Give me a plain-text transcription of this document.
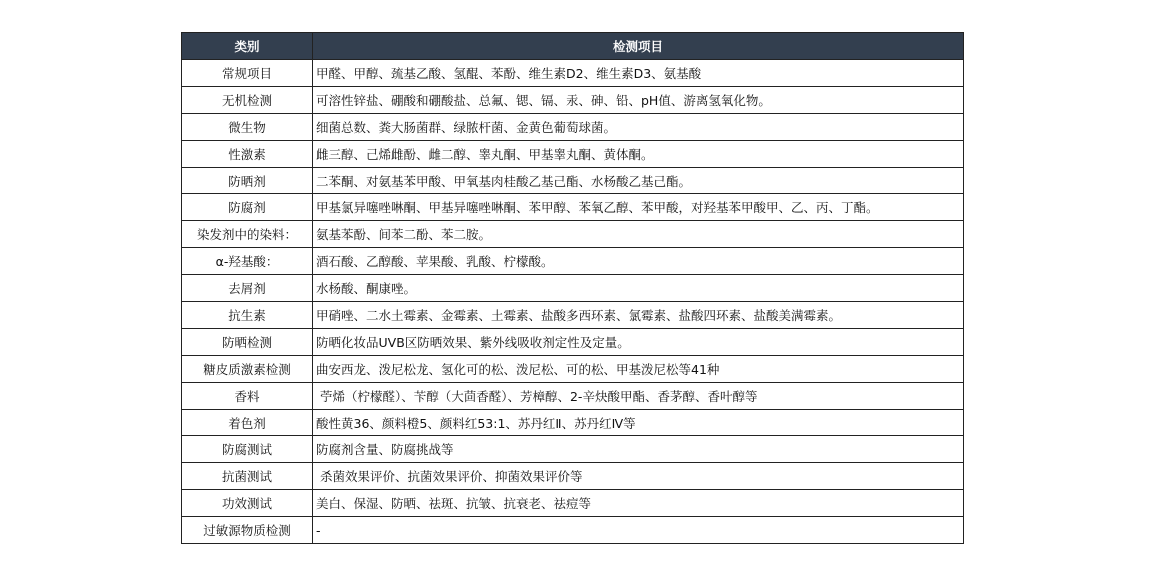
类别	检测项目
常规项目	甲醛、甲醇、巯基乙酸、氢醌、苯酚、维生素D2、维生素D3、氨基酸
无机检测	可溶性锌盐、硼酸和硼酸盐、总氟、锶、镉、汞、砷、铅、pH值、游离氢氧化物。
微生物	细菌总数、粪大肠菌群、绿脓杆菌、金黄色葡萄球菌。
性激素	雌三醇、己烯雌酚、雌二醇、睾丸酮、甲基睾丸酮、黄体酮。
防晒剂	二苯酮、对氨基苯甲酸、甲氧基肉桂酸乙基己酯、水杨酸乙基己酯。
防腐剂	甲基氯异噻唑啉酮、甲基异噻唑啉酮、苯甲醇、苯氧乙醇、苯甲酸，对羟基苯甲酸甲、乙、丙、丁酯。
染发剂中的染料：	氨基苯酚、间苯二酚、苯二胺。
α-羟基酸：	酒石酸、乙醇酸、苹果酸、乳酸、柠檬酸。
去屑剂	水杨酸、酮康唑。
抗生素	甲硝唑、二水土霉素、金霉素、土霉素、盐酸多西环素、氯霉素、盐酸四环素、盐酸美满霉素。
防晒检测	防晒化妆品UVB区防晒效果、紫外线吸收剂定性及定量。
糖皮质激素检测	曲安西龙、泼尼松龙、氢化可的松、泼尼松、可的松、甲基泼尼松等41种
香料	苧烯（柠檬醛）、苄醇（大茴香醛）、芳樟醇、2-辛炔酸甲酯、香茅醇、香叶醇等
着色剂	酸性黄36、颜料橙5、颜料红53:1、苏丹红Ⅱ、苏丹红Ⅳ等
防腐测试	防腐剂含量、防腐挑战等
抗菌测试	杀菌效果评价、抗菌效果评价、抑菌效果评价等
功效测试	美白、保湿、防晒、祛斑、抗皱、抗衰老、祛痘等
过敏源物质检测	-
